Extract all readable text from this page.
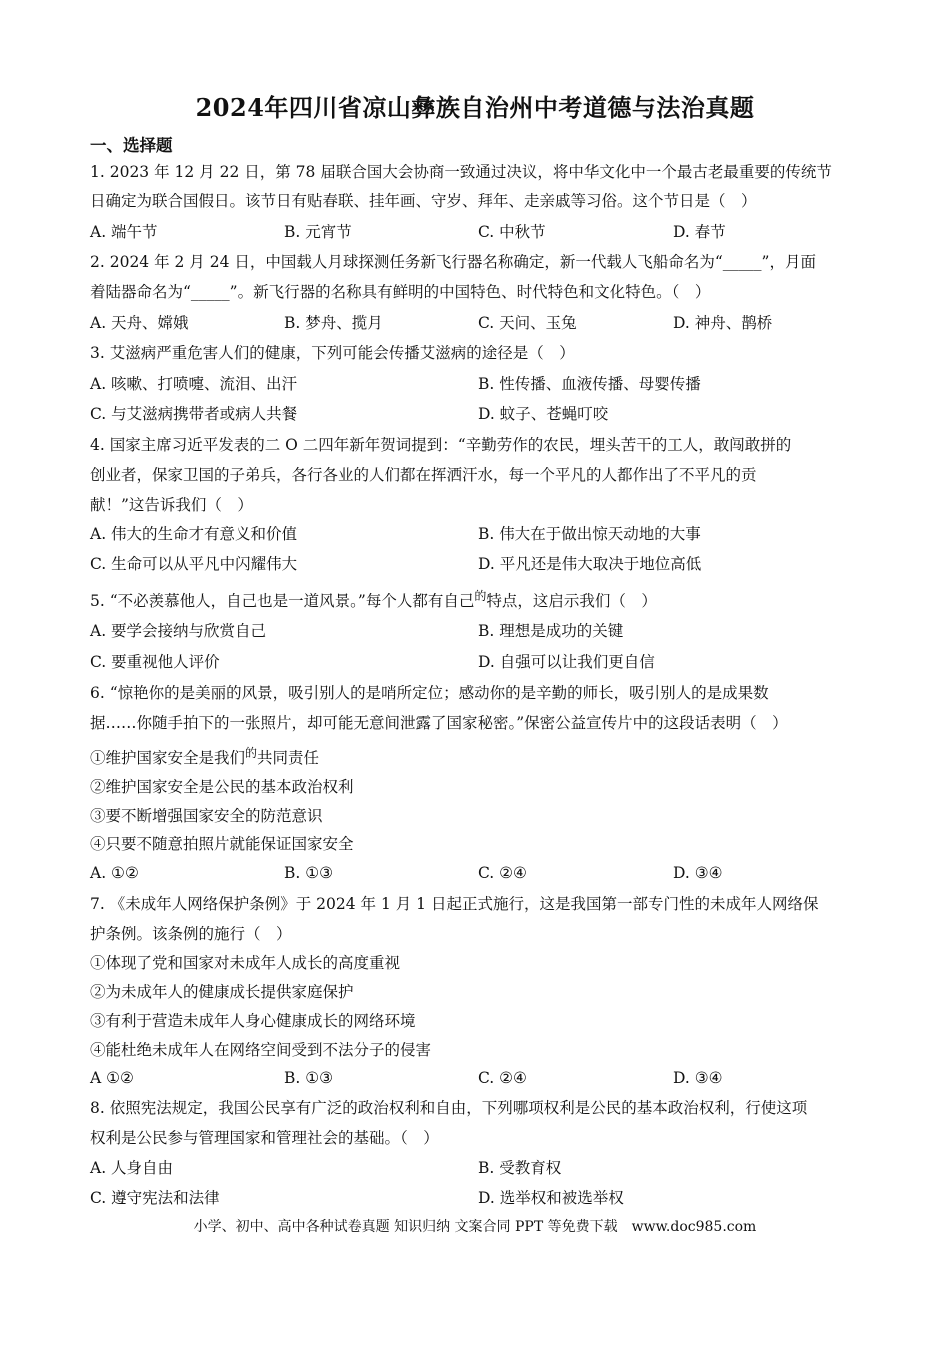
2024年四川省凉山彝族自治州中考道德与法治真题
一、选择题
1. 2023 年 12 月 22 日，第 78 届联合国大会协商一致通过决议，将中华文化中一个最古老最重要的传统节
日确定为联合国假日。该节日有贴春联、挂年画、守岁、拜年、走亲戚等习俗。这个节日是（　）
A. 端午节	B. 元宵节	C. 中秋节	D. 春节
2. 2024 年 2 月 24 日，中国载人月球探测任务新飞行器名称确定，新一代载人飞船命名为“_____”，月面
着陆器命名为“_____”。新飞行器的名称具有鲜明的中国特色、时代特色和文化特色。（　）
A. 天舟、嫦娥	B. 梦舟、揽月	C. 天问、玉兔	D. 神舟、鹊桥
3. 艾滋病严重危害人们的健康，下列可能会传播艾滋病的途径是（　）
A. 咳嗽、打喷嚏、流泪、出汗	B. 性传播、血液传播、母婴传播
C. 与艾滋病携带者或病人共餐	D. 蚊子、苍蝇叮咬
4. 国家主席习近平发表的二 O 二四年新年贺词提到：“辛勤劳作的农民，埋头苦干的工人，敢闯敢拼的
创业者，保家卫国的子弟兵，各行各业的人们都在挥洒汗水，每一个平凡的人都作出了不平凡的贡
献！”这告诉我们（　）
A. 伟大的生命才有意义和价值	B. 伟大在于做出惊天动地的大事
C. 生命可以从平凡中闪耀伟大	D. 平凡还是伟大取决于地位高低
5. “不必羡慕他人，自己也是一道风景。”每个人都有自己$^的$特点，这启示我们（　）
A. 要学会接纳与欣赏自己	B. 理想是成功的关键
C. 要重视他人评价	D. 自强可以让我们更自信
6. “惊艳你的是美丽的风景，吸引别人的是哨所定位；感动你的是辛勤的师长，吸引别人的是成果数
据……你随手拍下的一张照片，却可能无意间泄露了国家秘密。”保密公益宣传片中的这段话表明（　）
①维护国家安全是我们$^的$共同责任
②维护国家安全是公民的基本政治权利
③要不断增强国家安全的防范意识
④只要不随意拍照片就能保证国家安全
A. ①②	B. ①③	C. ②④	D. ③④
7. 《未成年人网络保护条例》于 2024 年 1 月 1 日起正式施行，这是我国第一部专门性的未成年人网络保
护条例。该条例的施行（　）
①体现了党和国家对未成年人成长的高度重视
②为未成年人的健康成长提供家庭保护
③有利于营造未成年人身心健康成长的网络环境
④能杜绝未成年人在网络空间受到不法分子的侵害
A ①②	B. ①③	C. ②④	D. ③④
8. 依照宪法规定，我国公民享有广泛的政治权利和自由，下列哪项权利是公民的基本政治权利，行使这项
权利是公民参与管理国家和管理社会的基础。（　）
A. 人身自由	B. 受教育权
C. 遵守宪法和法律	D. 选举权和被选举权
小学、初中、高中各种试卷真题 知识归纳 文案合同 PPT 等免费下载　www.doc985.com
